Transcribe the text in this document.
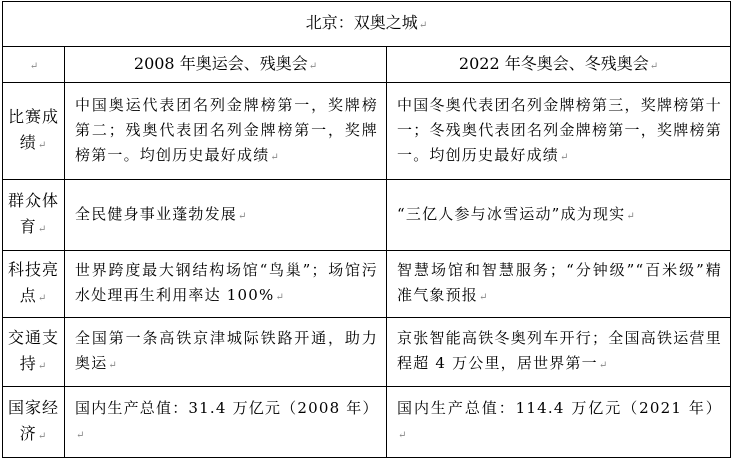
北京：双奥之城↵		
↵	2008 年奥运会、残奥会↵	2022 年冬奥会、冬残奥会↵
比赛成绩↵	中国奥运代表团名列金牌榜第一，奖牌榜第二；残奥代表团名列金牌榜第一，奖牌榜第一。均创历史最好成绩↵	中国冬奥代表团名列金牌榜第三，奖牌榜第十一；冬残奥代表团名列金牌榜第一，奖牌榜第一。均创历史最好成绩↵
群众体育↵	全民健身事业蓬勃发展↵	“三亿人参与冰雪运动”成为现实↵
科技亮点↵	世界跨度最大钢结构场馆“鸟巢”；场馆污水处理再生利用率达 100%↵	智慧场馆和智慧服务；“分钟级”“百米级”精准气象预报↵
交通支持↵	全国第一条高铁京津城际铁路开通，助力奥运↵	京张智能高铁冬奥列车开行；全国高铁运营里程超 4 万公里，居世界第一↵
国家经济↵	国内生产总值：31.4 万亿元（2008 年）↵	国内生产总值：114.4 万亿元（2021 年）↵
